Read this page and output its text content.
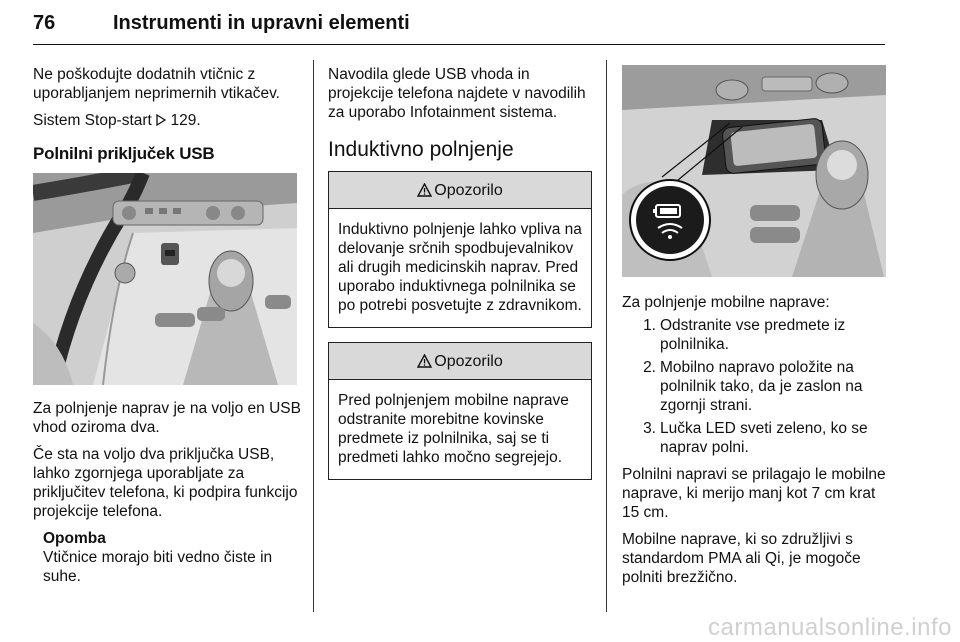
76	Instrumenti in upravni elementi

Ne poškodujte dodatnih vtičnic z uporabljanjem neprimernih vtikačev.

Sistem Stop-start 129.

Polnilni priključek USB

Za polnjenje naprav je na voljo en USB vhod oziroma dva.

Če sta na voljo dva priključka USB, lahko zgornjega uporabljate za priključitev telefona, ki podpira funkcijo projekcije telefona.

Opomba
Vtičnice morajo biti vedno čiste in suhe.

Navodila glede USB vhoda in projekcije telefona najdete v navodilih za uporabo Infotainment sistema.

Induktivno polnjenje
Opozorilo
Induktivno polnjenje lahko vpliva na delovanje srčnih spodbujevalnikov ali drugih medicinskih naprav. Pred uporabo induktivnega polnilnika se po potrebi posvetujte z zdravnikom.
Opozorilo
Pred polnjenjem mobilne naprave odstranite morebitne kovinske predmete iz polnilnika, saj se ti predmeti lahko močno segrejejo.

Za polnjenje mobilne naprave:

1. Odstranite vse predmete iz polnilnika.
2. Mobilno napravo položite na polnilnik tako, da je zaslon na zgornji strani.
3. Lučka LED sveti zeleno, ko se naprav polni.

Polnilni napravi se prilagajo le mobilne naprave, ki merijo manj kot 7 cm krat 15 cm.

Mobilne naprave, ki so združljivi s standardom PMA ali Qi, je mogoče polniti brezžično.

carmanualsonline.info
